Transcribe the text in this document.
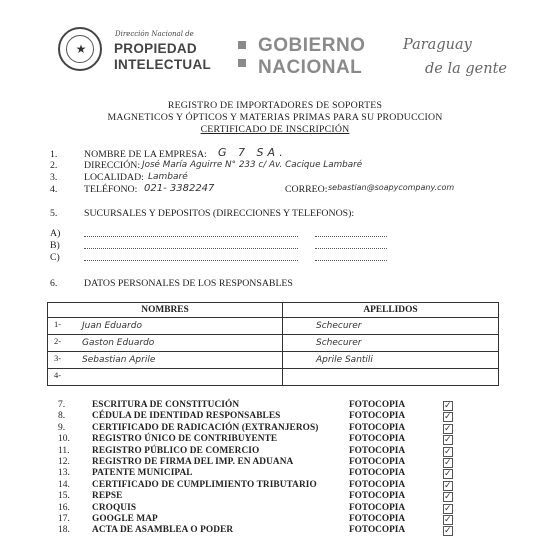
★
Dirección Nacional de
PROPIEDAD
INTELECTUAL
GOBIERNO
NACIONAL
Paraguay
de la gente
REGISTRO DE IMPORTADORES DE SOPORTES
MAGNETICOS Y ÓPTICOS Y MATERIAS PRIMAS PARA SU PRODUCCION
CERTIFICADO DE INSCRIPCIÓN
1.	NOMBRE DE LA EMPRESA: G 7 SA.
2.	DIRECCIÓN: José María Aguirre N° 233 c/ Av. Cacique Lambaré
3.	LOCALIDAD: Lambaré
4.	TELÉFONO: 021- 3382247	CORREO: sebastian@soapycompany.com
5.	SUCURSALES Y DEPOSITOS (DIRECCIONES Y TELEFONOS):
A)
B)
C)
6.	DATOS PERSONALES DE LOS RESPONSABLES
NOMBRES	APELLIDOS

1- Juan Eduardo	Schecurer

2- Gaston Eduardo	Schecurer

3- Sebastian Aprile	Aprile Santili

4-	

7.	ESCRITURA DE CONSTITUCIÓN	FOTOCOPIA	✓
8.	CÉDULA DE IDENTIDAD RESPONSABLES	FOTOCOPIA	✓
9.	CERTIFICADO DE RADICACIÓN (EXTRANJEROS)	FOTOCOPIA	✓
10.	REGISTRO ÚNICO DE CONTRIBUYENTE	FOTOCOPIA	✓
11.	REGISTRO PÚBLICO DE COMERCIO	FOTOCOPIA	✓
12.	REGISTRO DE FIRMA DEL IMP. EN ADUANA	FOTOCOPIA	✓
13.	PATENTE MUNICIPAL	FOTOCOPIA	✓
14.	CERTIFICADO DE CUMPLIMIENTO TRIBUTARIO	FOTOCOPIA	✓
15.	REPSE	FOTOCOPIA	✓
16.	CROQUIS	FOTOCOPIA	✓
17.	GOOGLE MAP	FOTOCOPIA	✓
18.	ACTA DE ASAMBLEA O PODER	FOTOCOPIA	✓
